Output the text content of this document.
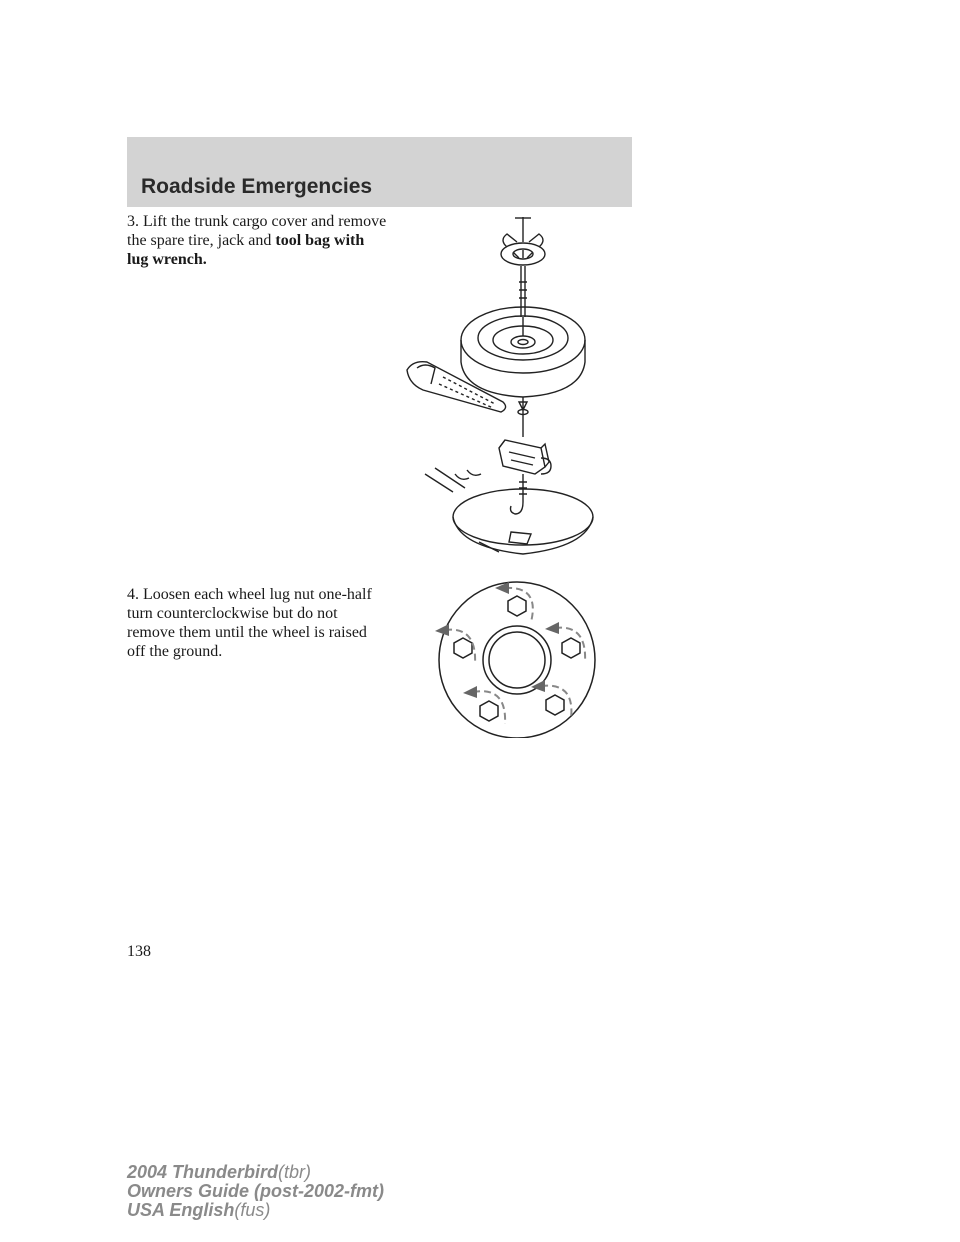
Roadside Emergencies
3. Lift the trunk cargo cover and remove the spare tire, jack and tool bag with lug wrench.
4. Loosen each wheel lug nut one-half turn counterclockwise but do not remove them until the wheel is raised off the ground.
138
2004 Thunderbird(tbr)
Owners Guide (post-2002-fmt)
USA English(fus)
